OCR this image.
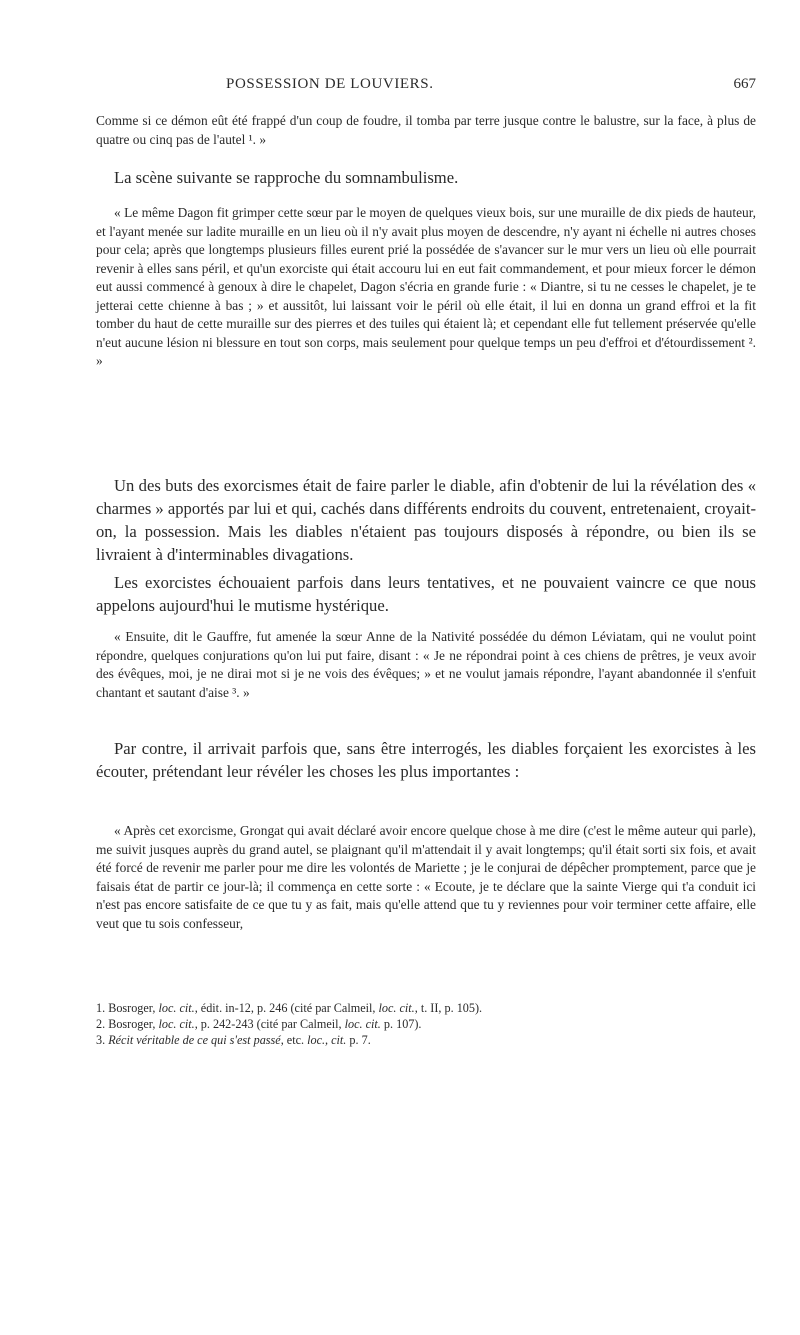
POSSESSION DE LOUVIERS.	667

Comme si ce démon eût été frappé d'un coup de foudre, il tomba par terre jusque contre le balustre, sur la face, à plus de quatre ou cinq pas de l'autel ¹. »

La scène suivante se rapproche du somnambulisme.

« Le même Dagon fit grimper cette sœur par le moyen de quelques vieux bois, sur une muraille de dix pieds de hauteur, et l'ayant menée sur ladite muraille en un lieu où il n'y avait plus moyen de descendre, n'y ayant ni échelle ni autres choses pour cela; après que longtemps plusieurs filles eurent prié la possédée de s'avancer sur le mur vers un lieu où elle pourrait revenir à elles sans péril, et qu'un exorciste qui était accouru lui en eut fait commandement, et pour mieux forcer le démon eut aussi commencé à genoux à dire le chapelet, Dagon s'écria en grande furie : « Diantre, si tu ne cesses le chapelet, je te jetterai cette chienne à bas ; » et aussitôt, lui laissant voir le péril où elle était, il lui en donna un grand effroi et la fit tomber du haut de cette muraille sur des pierres et des tuiles qui étaient là; et cependant elle fut tellement préservée qu'elle n'eut aucune lésion ni blessure en tout son corps, mais seulement pour quelque temps un peu d'effroi et d'étourdissement ². »

Un des buts des exorcismes était de faire parler le diable, afin d'obtenir de lui la révélation des « charmes » apportés par lui et qui, cachés dans différents endroits du couvent, entretenaient, croyait-on, la possession. Mais les diables n'étaient pas toujours disposés à répondre, ou bien ils se livraient à d'interminables divagations.

Les exorcistes échouaient parfois dans leurs tentatives, et ne pouvaient vaincre ce que nous appelons aujourd'hui le mutisme hystérique.

« Ensuite, dit le Gauffre, fut amenée la sœur Anne de la Nativité possédée du démon Léviatam, qui ne voulut point répondre, quelques conjurations qu'on lui put faire, disant : « Je ne répondrai point à ces chiens de prêtres, je veux avoir des évêques, moi, je ne dirai mot si je ne vois des évêques; » et ne voulut jamais répondre, l'ayant abandonnée il s'enfuit chantant et sautant d'aise ³. »

Par contre, il arrivait parfois que, sans être interrogés, les diables forçaient les exorcistes à les écouter, prétendant leur révéler les choses les plus importantes :

« Après cet exorcisme, Grongat qui avait déclaré avoir encore quelque chose à me dire (c'est le même auteur qui parle), me suivit jusques auprès du grand autel, se plaignant qu'il m'attendait il y avait longtemps; qu'il était sorti six fois, et avait été forcé de revenir me parler pour me dire les volontés de Mariette ; je le conjurai de dépêcher promptement, parce que je faisais état de partir ce jour-là; il commença en cette sorte : « Ecoute, je te déclare que la sainte Vierge qui t'a conduit ici n'est pas encore satisfaite de ce que tu y as fait, mais qu'elle attend que tu y reviennes pour voir terminer cette affaire, elle veut que tu sois confesseur,

1. Bosroger, loc. cit., édit. in-12, p. 246 (cité par Calmeil, loc. cit., t. II, p. 105).
2. Bosroger, loc. cit., p. 242-243 (cité par Calmeil, loc. cit. p. 107).
3. Récit véritable de ce qui s'est passé, etc. loc., cit. p. 7.
